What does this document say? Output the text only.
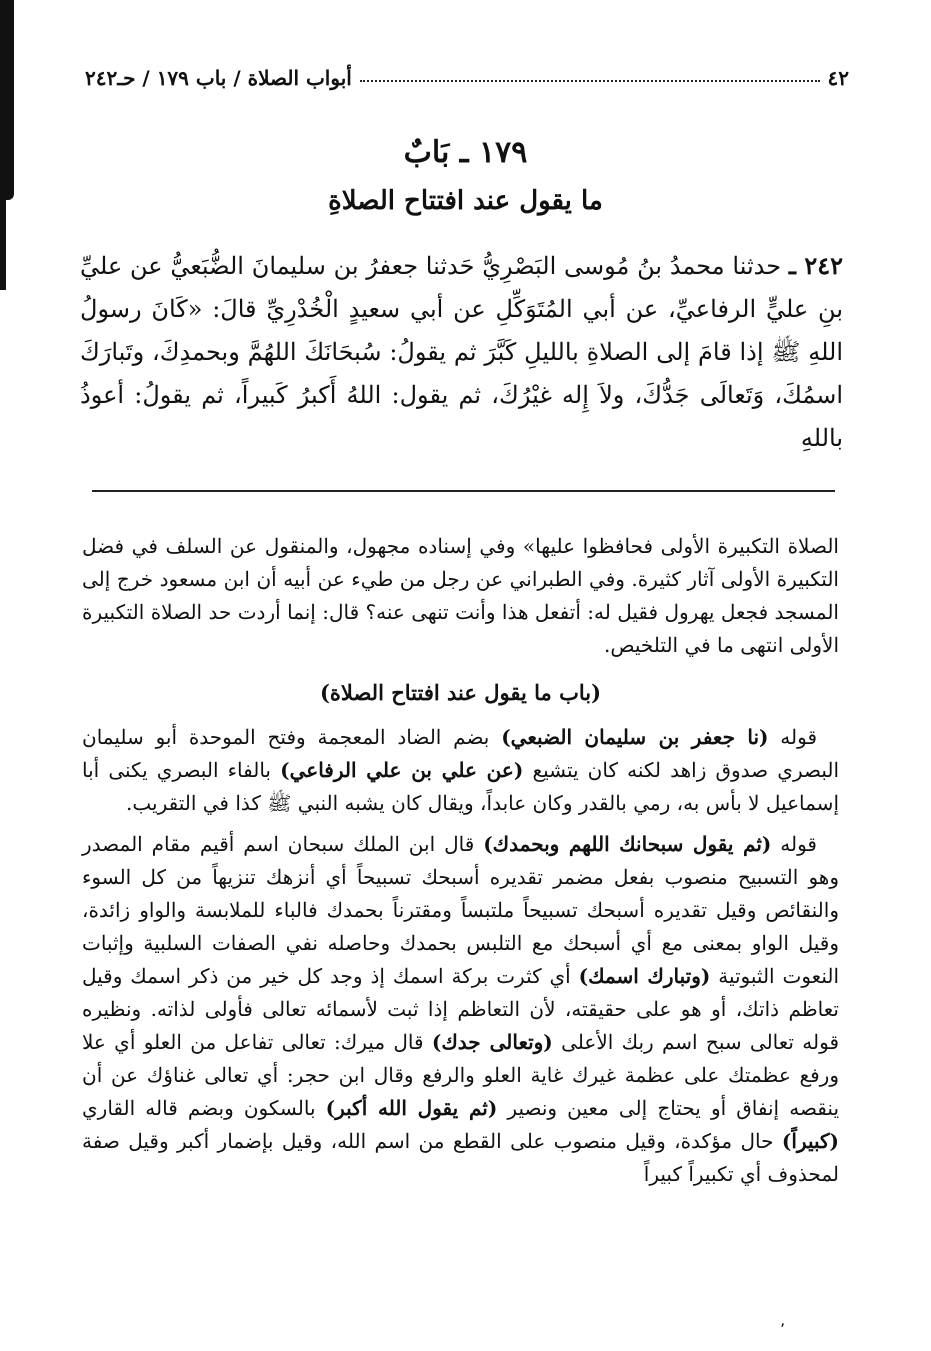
٤٢
أبواب الصلاة / باب ١٧٩ / حـ٢٤٢
١٧٩ ـ بَابٌ
ما يقول عند افتتاح الصلاةِ

٢٤٢ ـ حدثنا محمدُ بنُ مُوسى البَصْرِيُّ حَدثنا جعفرُ بن سليمانَ الضُّبَعيُّ عن عليِّ بنِ عليٍّ الرفاعيِّ، عن أبي المُتَوَكِّلِ عن أبي سعيدٍ الْخُدْرِيِّ قالَ: «كَانَ رسولُ اللهِ ﷺ إذا قامَ إلى الصلاةِ بالليلِ كَبَّرَ ثم يقولُ: سُبحَانَكَ اللهُمَّ وبحمدِكَ، وتَبارَكَ اسمُكَ، وَتَعالَى جَدُّكَ، ولاَ إِله غيْرُكَ، ثم يقول: اللهُ أَكبرُ كَبيراً، ثم يقولُ: أعوذُ باللهِ

الصلاة التكبيرة الأولى فحافظوا عليها» وفي إسناده مجهول، والمنقول عن السلف في فضل التكبيرة الأولى آثار كثيرة. وفي الطبراني عن رجل من طيء عن أبيه أن ابن مسعود خرج إلى المسجد فجعل يهرول فقيل له: أتفعل هذا وأنت تنهى عنه؟ قال: إنما أردت حد الصلاة التكبيرة الأولى انتهى ما في التلخيص.

(باب ما يقول عند افتتاح الصلاة)

قوله (نا جعفر بن سليمان الضبعي) بضم الضاد المعجمة وفتح الموحدة أبو سليمان البصري صدوق زاهد لكنه كان يتشيع (عن علي بن علي الرفاعي) بالفاء البصري يكنى أبا إسماعيل لا بأس به، رمي بالقدر وكان عابداً، ويقال كان يشبه النبي ﷺ كذا في التقريب.

قوله (ثم يقول سبحانك اللهم وبحمدك) قال ابن الملك سبحان اسم أقيم مقام المصدر وهو التسبيح منصوب بفعل مضمر تقديره أسبحك تسبيحاً أي أنزهك تنزيهاً من كل السوء والنقائص وقيل تقديره أسبحك تسبيحاً ملتبساً ومقترناً بحمدك فالباء للملابسة والواو زائدة، وقيل الواو بمعنى مع أي أسبحك مع التلبس بحمدك وحاصله نفي الصفات السلبية وإثبات النعوت الثبوتية (وتبارك اسمك) أي كثرت بركة اسمك إذ وجد كل خير من ذكر اسمك وقيل تعاظم ذاتك، أو هو على حقيقته، لأن التعاظم إذا ثبت لأسمائه تعالى فأولى لذاته. ونظيره قوله تعالى سبح اسم ربك الأعلى (وتعالى جدك) قال ميرك: تعالى تفاعل من العلو أي علا ورفع عظمتك على عظمة غيرك غاية العلو والرفع وقال ابن حجر: أي تعالى غناؤك عن أن ينقصه إنفاق أو يحتاج إلى معين ونصير (ثم يقول الله أكبر) بالسكون وبضم قاله القاري (كبيراً) حال مؤكدة، وقيل منصوب على القطع من اسم الله، وقيل بإضمار أكبر وقيل صفة لمحذوف أي تكبيراً كبيراً

٬
